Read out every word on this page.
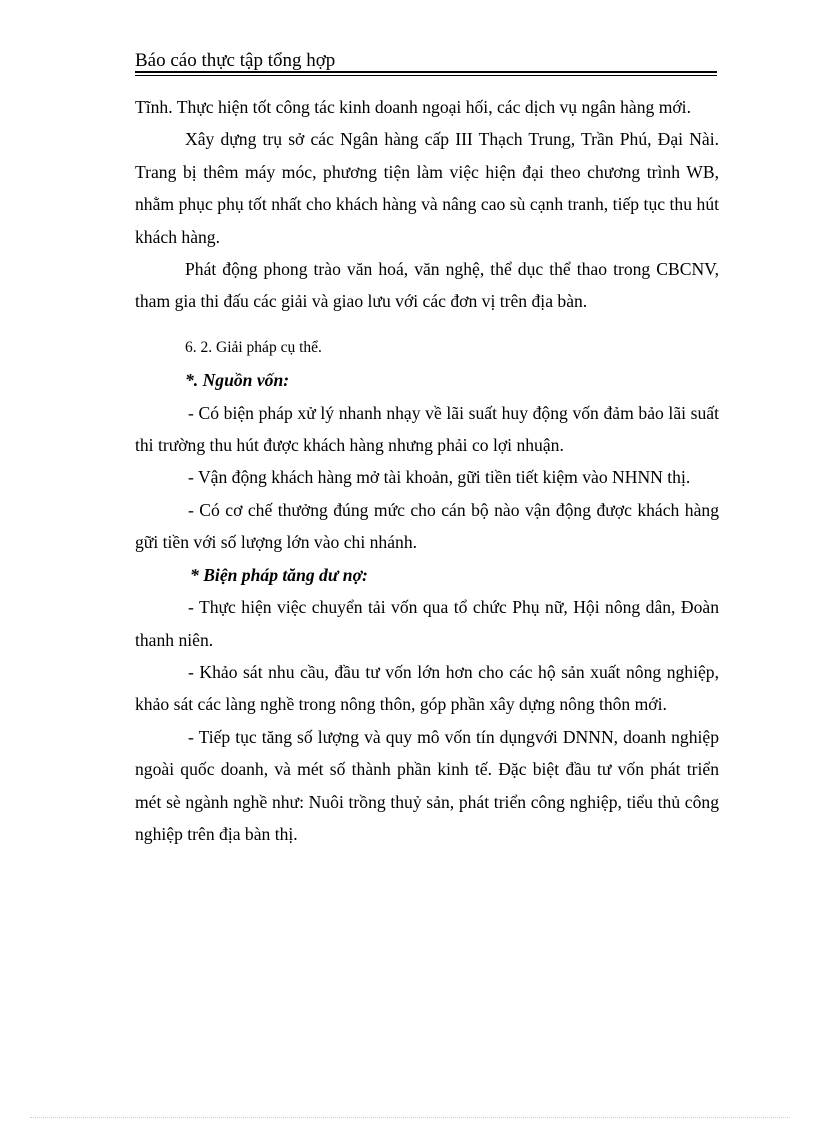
Báo cáo thực tập tổng hợp

Tĩnh. Thực hiện tốt công tác kinh doanh ngoại hối, các dịch vụ ngân hàng mới.

Xây dựng trụ sở các Ngân hàng cấp III Thạch Trung, Trần Phú, Đại Nài. Trang bị thêm máy móc, phương tiện làm việc hiện đại theo chương trình WB, nhằm phục phụ tốt nhất cho khách hàng và nâng cao sù cạnh tranh, tiếp tục thu hút khách hàng.

Phát động phong trào văn hoá, văn nghệ, thể dục thể thao trong CBCNV, tham gia thi đấu các giải và giao lưu với các đơn vị trên địa bàn.

6. 2. Giải pháp cụ thể.

*. Nguồn vốn:

- Có biện pháp xử lý nhanh nhạy về lãi suất huy động vốn đảm bảo lãi suất thi trường thu hút được khách hàng nhưng phải co lợi nhuận.

- Vận động khách hàng mở tài khoản, gữi tiền tiết kiệm vào NHNN thị.

- Có cơ chế thưởng đúng mức cho cán bộ nào vận động được khách hàng gữi tiền với số lượng lớn vào chi nhánh.

* Biện pháp tăng dư nợ:

- Thực hiện việc chuyển tải vốn qua tổ chức Phụ nữ, Hội nông dân, Đoàn thanh niên.

- Khảo sát nhu cầu, đầu tư vốn lớn hơn cho các hộ sản xuất nông nghiệp, khảo sát các làng nghề trong nông thôn, góp phần xây dựng nông thôn mới.

- Tiếp tục tăng số lượng và quy mô vốn tín dụngvới DNNN, doanh nghiệp ngoài quốc doanh, và mét số thành phần kinh tế. Đặc biệt đầu tư vốn phát triển mét sè ngành nghề như: Nuôi trồng thuỷ sản, phát triển công nghiệp, tiểu thủ công nghiệp trên địa bàn thị.
